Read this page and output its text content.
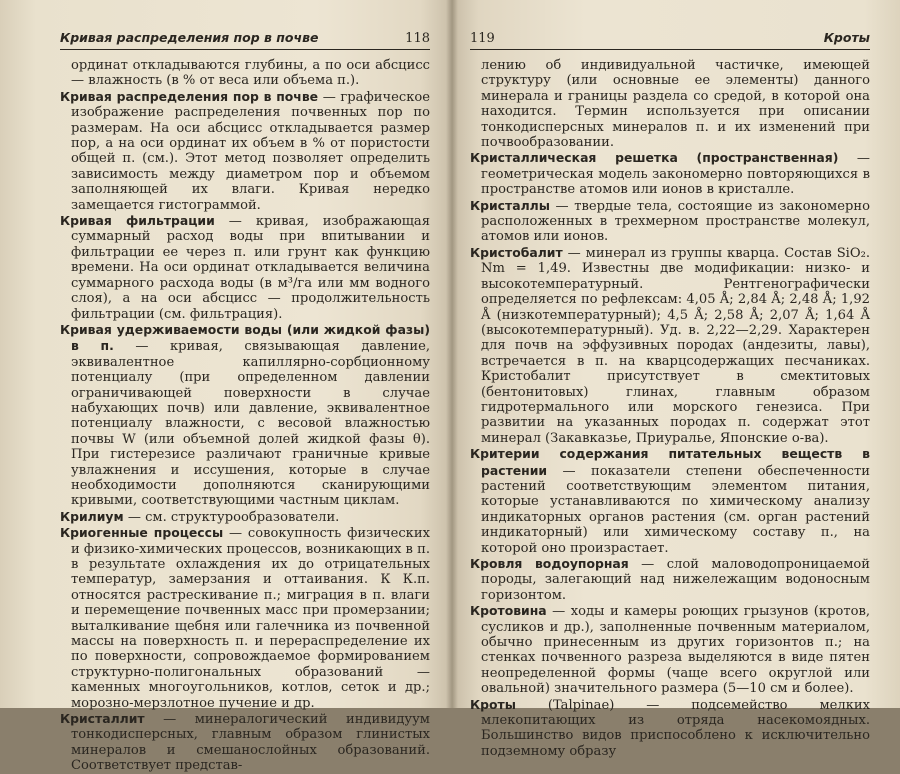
Кривая распределения пор в почве	118

ординат откладываются глубины, а по оси абсцисс — влажность (в % от веса или объема п.).

Кривая распределения пор в почве — графическое изображение распределения почвенных пор по размерам. На оси абсцисс откладывается размер пор, а на оси ординат их объем в % от пористости общей п. (см.). Этот метод позволяет определить зависимость между диаметром пор и объемом заполняющей их влаги. Кривая нередко замещается гистограммой.

Кривая фильтрации — кривая, изображающая суммарный расход воды при впитывании и фильтрации ее через п. или грунт как функцию времени. На оси ординат откладывается величина суммарного расхода воды (в м³/га или мм водного слоя), а на оси абсцисс — продолжительность фильтрации (см. фильтрация).

Кривая удерживаемости воды (или жидкой фазы) в п. — кривая, связывающая давление, эквивалентное капиллярно-сорбционному потенциалу (при определенном давлении ограничивающей поверхности в случае набухающих почв) или давление, эквивалентное потенциалу влажности, с весовой влажностью почвы W (или объемной долей жидкой фазы θ). При гистерезисе различают граничные кривые увлажнения и иссушения, которые в случае необходимости дополняются сканирующими кривыми, соответствующими частным циклам.

Крилиум — см. структурообразователи.

Криогенные процессы — совокупность физических и физико-химических процессов, возникающих в п. в результате охлаждения их до отрицательных температур, замерзания и оттаивания. К К.п. относятся растрескивание п.; миграция в п. влаги и перемещение почвенных масс при промерзании; выталкивание щебня или галечника из почвенной массы на поверхность п. и перераспределение их по поверхности, сопровождаемое формированием структурно-полигональных образований — каменных многоугольников, котлов, сеток и др.; морозно-мерзлотное пучение и др.

Кристаллит — минералогический индивидуум тонкодисперсных, главным образом глинистых минералов и смешанослойных образований. Соответствует представ-

119	Кроты

лению об индивидуальной частичке, имеющей структуру (или основные ее элементы) данного минерала и границы раздела со средой, в которой она находится. Термин используется при описании тонкодисперсных минералов п. и их изменений при почвообразовании.

Кристаллическая решетка (пространственная) — геометрическая модель закономерно повторяющихся в пространстве атомов или ионов в кристалле.

Кристаллы — твердые тела, состоящие из закономерно расположенных в трехмерном пространстве молекул, атомов или ионов.

Кристобалит — минерал из группы кварца. Состав SiO₂. Nm = 1,49. Известны две модификации: низко- и высокотемпературный. Рентгенографически определяется по рефлексам: 4,05 Å; 2,84 Å; 2,48 Å; 1,92 Å (низкотемпературный); 4,5 Å; 2,58 Å; 2,07 Å; 1,64 Å (высокотемпературный). Уд. в. 2,22—2,29. Характерен для почв на эффузивных породах (андезиты, лавы), встречается в п. на кварцсодержащих песчаниках. Кристобалит присутствует в смектитовых (бентонитовых) глинах, главным образом гидротермального или морского генезиса. При развитии на указанных породах п. содержат этот минерал (Закавказье, Приуралье, Японские о-ва).

Критерии содержания питательных веществ в растении — показатели степени обеспеченности растений соответствующим элементом питания, которые устанавливаются по химическому анализу индикаторных органов растения (см. орган растений индикаторный) или химическому составу п., на которой оно произрастает.

Кровля водоупорная — слой маловодопроницаемой породы, залегающий над нижележащим водоносным горизонтом.

Кротовина — ходы и камеры роющих грызунов (кротов, сусликов и др.), заполненные почвенным материалом, обычно принесенным из других горизонтов п.; на стенках почвенного разреза выделяются в виде пятен неопределенной формы (чаще всего округлой или овальной) значительного размера (5—10 см и более).

Кроты (Talpinae) — подсемейство мелких млекопитающих из отряда насекомоядных. Большинство видов приспособлено к исключительно подземному образу
